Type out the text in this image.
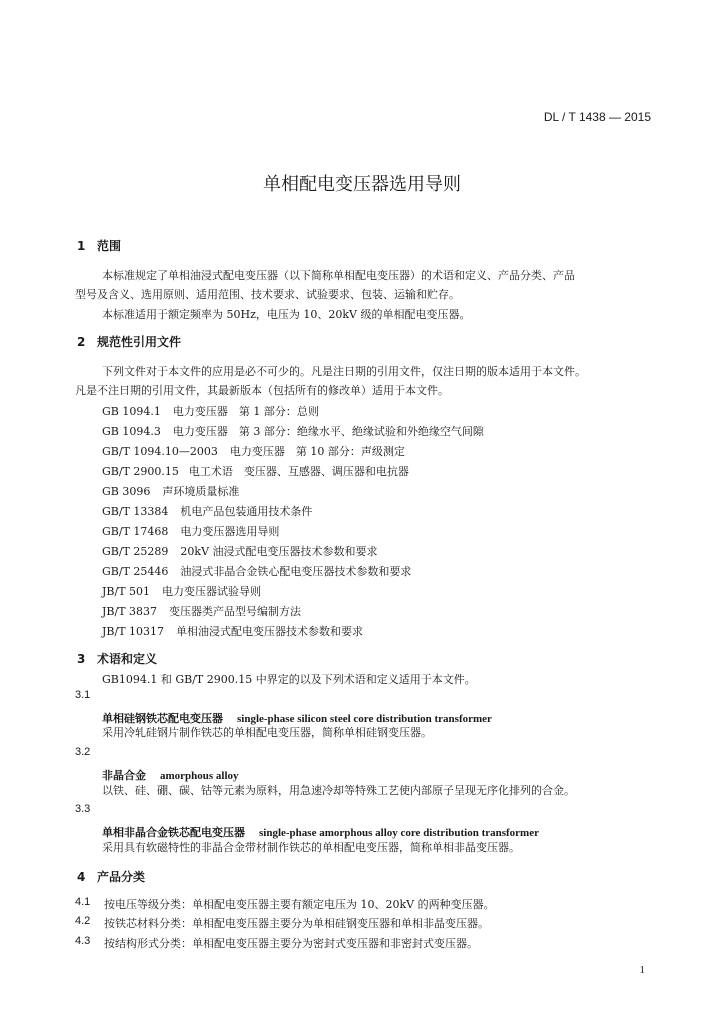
DL / T 1438 — 2015
单相配电变压器选用导则
1 范围
本标准规定了单相油浸式配电变压器（以下简称单相配电变压器）的术语和定义、产品分类、产品
型号及含义、选用原则、适用范围、技术要求、试验要求、包装、运输和贮存。
本标准适用于额定频率为 50Hz，电压为 10、20kV 级的单相配电变压器。
2 规范性引用文件
下列文件对于本文件的应用是必不可少的。凡是注日期的引用文件，仅注日期的版本适用于本文件。
凡是不注日期的引用文件，其最新版本（包括所有的修改单）适用于本文件。
GB 1094.1 电力变压器　第 1 部分：总则
GB 1094.3 电力变压器　第 3 部分：绝缘水平、绝缘试验和外绝缘空气间隙
GB/T 1094.10—2003 电力变压器　第 10 部分：声级测定
GB/T 2900.15 电工术语　变压器、互感器、调压器和电抗器
GB 3096 声环境质量标准
GB/T 13384 机电产品包装通用技术条件
GB/T 17468 电力变压器选用导则
GB/T 25289 20kV 油浸式配电变压器技术参数和要求
GB/T 25446 油浸式非晶合金铁心配电变压器技术参数和要求
JB/T 501 电力变压器试验导则
JB/T 3837 变压器类产品型号编制方法
JB/T 10317 单相油浸式配电变压器技术参数和要求
3 术语和定义
GB1094.1 和 GB/T 2900.15 中界定的以及下列术语和定义适用于本文件。
3.1
单相硅钢铁芯配电变压器 single-phase silicon steel core distribution transformer
采用冷轧硅钢片制作铁芯的单相配电变压器，简称单相硅钢变压器。
3.2
非晶合金 amorphous alloy
以铁、硅、硼、碳、钴等元素为原料，用急速冷却等特殊工艺使内部原子呈现无序化排列的合金。
3.3
单相非晶合金铁芯配电变压器 single-phase amorphous alloy core distribution transformer
采用具有软磁特性的非晶合金带材制作铁芯的单相配电变压器，简称单相非晶变压器。
4 产品分类
4.1 按电压等级分类：单相配电变压器主要有额定电压为 10、20kV 的两种变压器。
4.2 按铁芯材料分类：单相配电变压器主要分为单相硅钢变压器和单相非晶变压器。
4.3 按结构形式分类：单相配电变压器主要分为密封式变压器和非密封式变压器。
1
